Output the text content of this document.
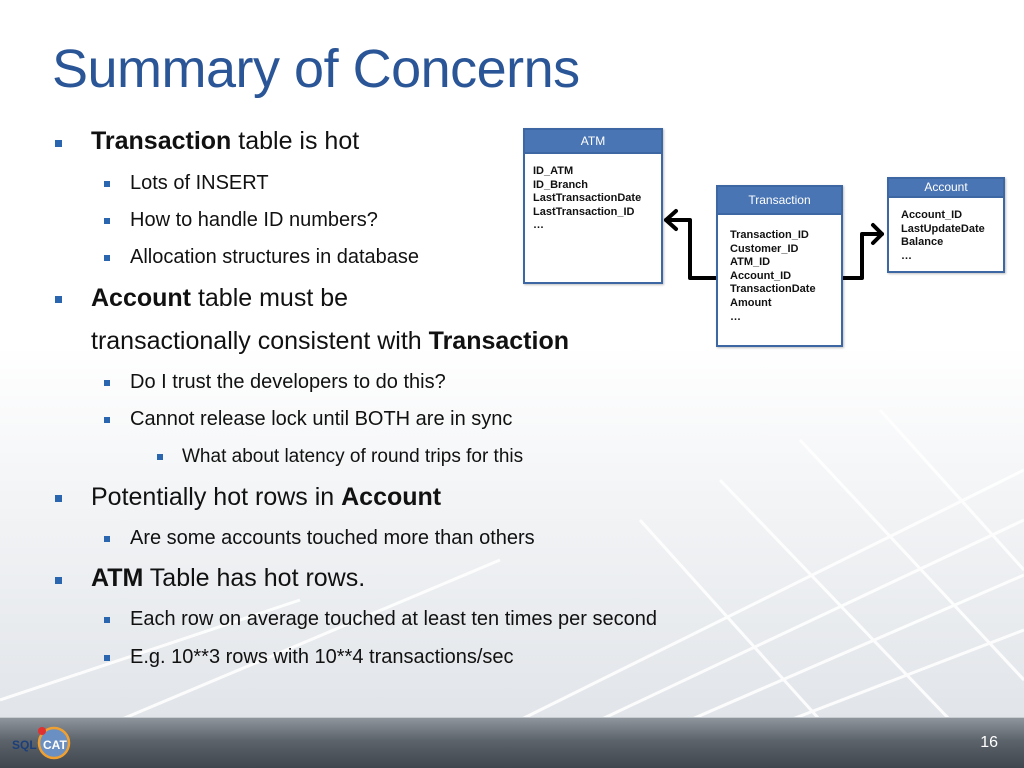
Summary of Concerns
Transaction table is hot
Lots of INSERT
How to handle ID numbers?
Allocation structures in database
Account table must be
transactionally consistent with Transaction
Do I trust the developers to do this?
Cannot release lock until BOTH are in sync
What about latency of round trips for this
Potentially hot rows in Account
Are some accounts touched more than others
ATM Table has hot rows.
Each row on average touched at least ten times per second
E.g. 10**3 rows with 10**4 transactions/sec
ATM
ID_ATM
ID_Branch
LastTransactionDate
LastTransaction_ID
…
Transaction
Transaction_ID
Customer_ID
ATM_ID
Account_ID
TransactionDate
Amount
…
Account
Account_ID
LastUpdateDate
Balance
…
SQL CAT	16
